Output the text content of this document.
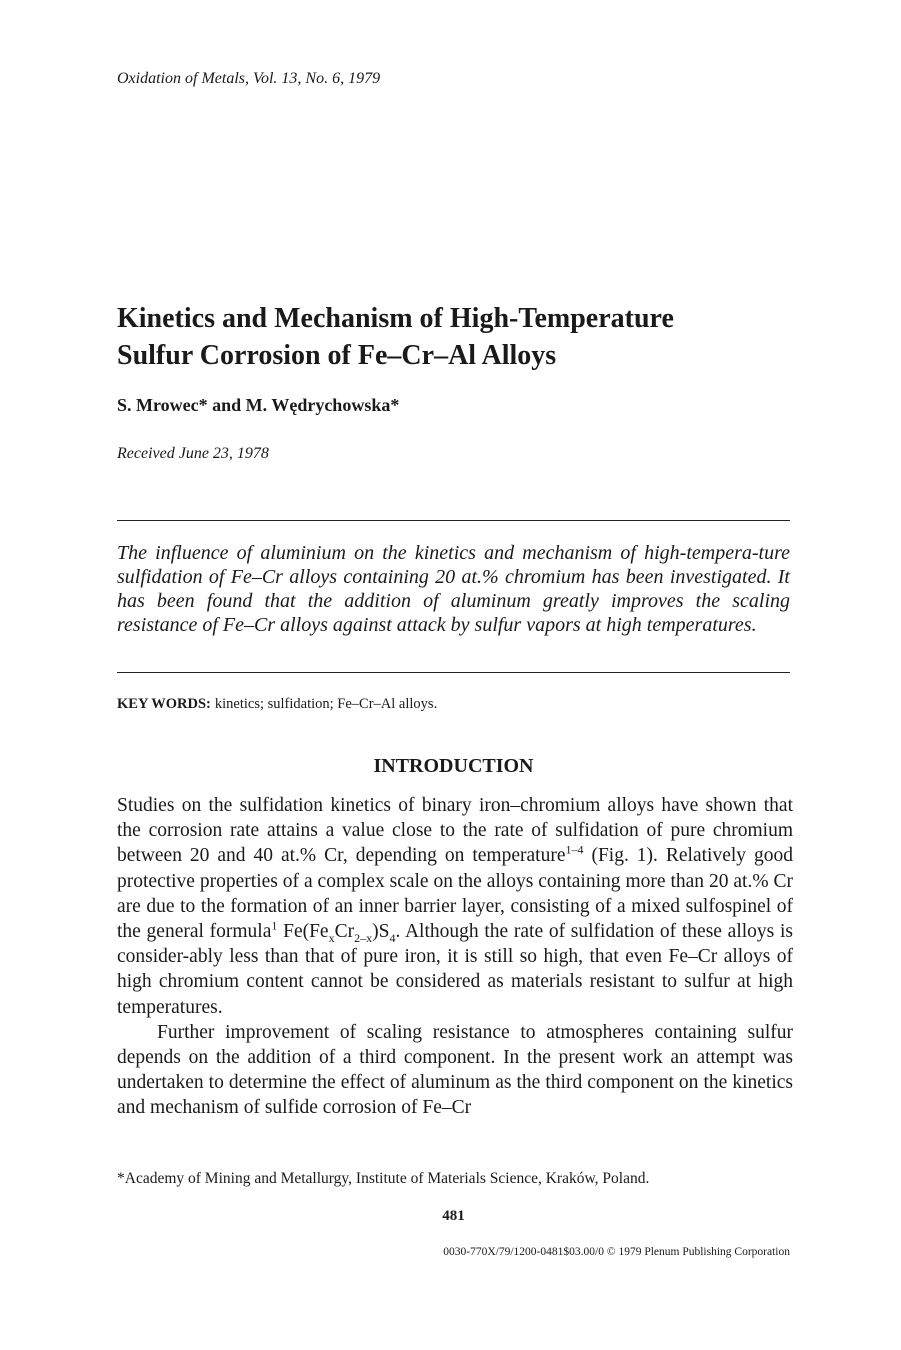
Oxidation of Metals, Vol. 13, No. 6, 1979
Kinetics and Mechanism of High-Temperature
Sulfur Corrosion of Fe–Cr–Al Alloys
S. Mrowec* and M. Wędrychowska*
Received June 23, 1978
The influence of aluminium on the kinetics and mechanism of high-tempera-ture sulfidation of Fe–Cr alloys containing 20 at.% chromium has been investigated. It has been found that the addition of aluminum greatly improves the scaling resistance of Fe–Cr alloys against attack by sulfur vapors at high temperatures.
KEY WORDS: kinetics; sulfidation; Fe–Cr–Al alloys.
INTRODUCTION

Studies on the sulfidation kinetics of binary iron–chromium alloys have shown that the corrosion rate attains a value close to the rate of sulfidation of pure chromium between 20 and 40 at.% Cr, depending on temperature$^{1-4}$ (Fig. 1). Relatively good protective properties of a complex scale on the alloys containing more than 20 at.% Cr are due to the formation of an inner barrier layer, consisting of a mixed sulfospinel of the general formula$^1$ $Fe(Fe_xCr_{2-x})S_4$. Although the rate of sulfidation of these alloys is consider-ably less than that of pure iron, it is still so high, that even Fe–Cr alloys of high chromium content cannot be considered as materials resistant to sulfur at high temperatures.

Further improvement of scaling resistance to atmospheres containing sulfur depends on the addition of a third component. In the present work an attempt was undertaken to determine the effect of aluminum as the third component on the kinetics and mechanism of sulfide corrosion of Fe–Cr

*Academy of Mining and Metallurgy, Institute of Materials Science, Kraków, Poland.
481
0030-770X/79/1200-0481$03.00/0 © 1979 Plenum Publishing Corporation
